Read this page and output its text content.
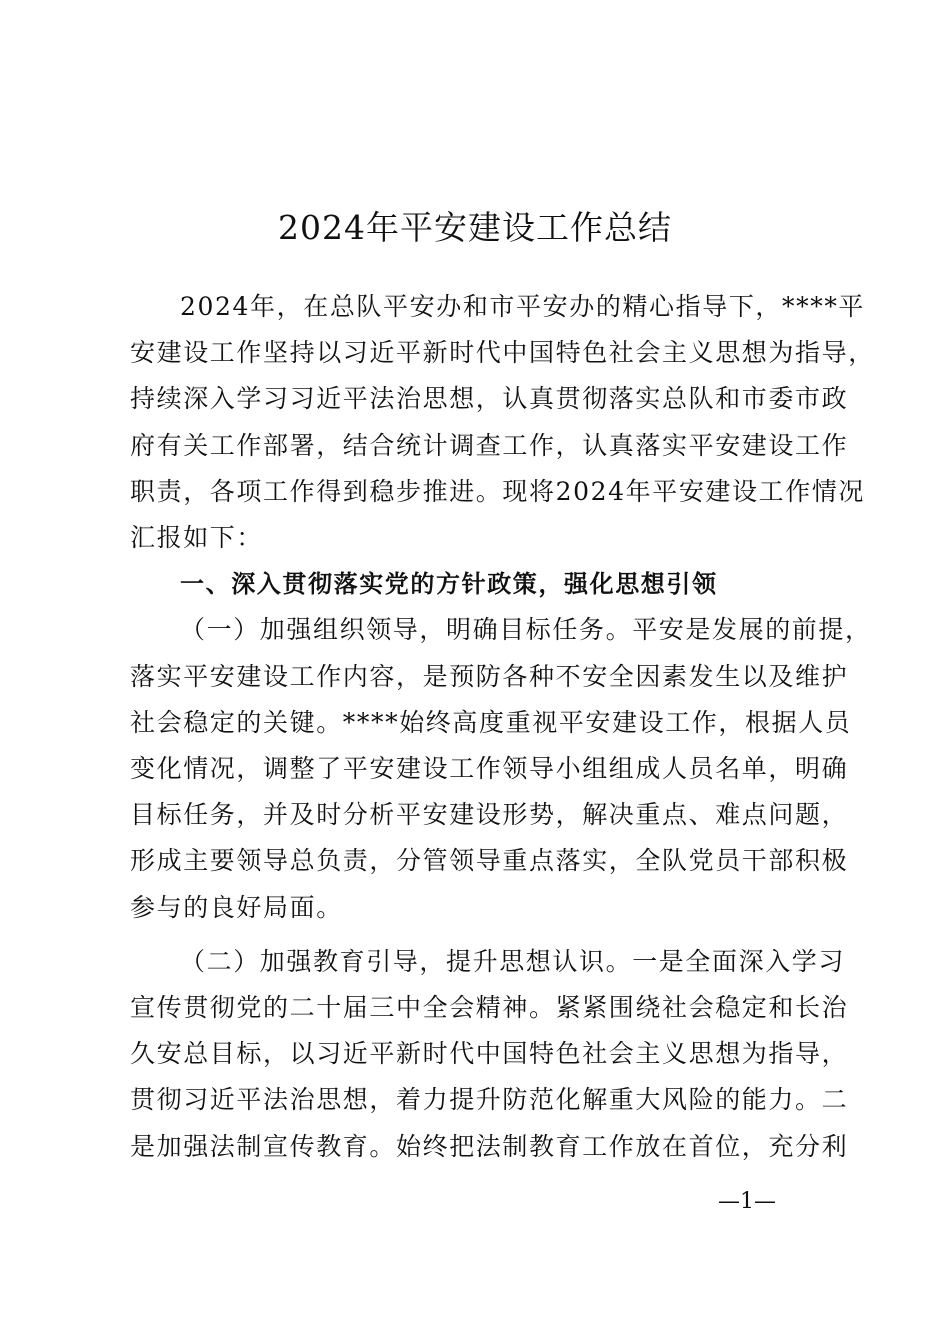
2024年平安建设工作总结
2024年，在总队平安办和市平安办的精心指导下，****平
安建设工作坚持以习近平新时代中国特色社会主义思想为指导，
持续深入学习习近平法治思想，认真贯彻落实总队和市委市政
府有关工作部署，结合统计调查工作，认真落实平安建设工作
职责，各项工作得到稳步推进。现将2024年平安建设工作情况
汇报如下：
一、深入贯彻落实党的方针政策，强化思想引领
（一）加强组织领导，明确目标任务。平安是发展的前提，
落实平安建设工作内容，是预防各种不安全因素发生以及维护
社会稳定的关键。****始终高度重视平安建设工作，根据人员
变化情况，调整了平安建设工作领导小组组成人员名单，明确
目标任务，并及时分析平安建设形势，解决重点、难点问题，
形成主要领导总负责，分管领导重点落实，全队党员干部积极
参与的良好局面。
（二）加强教育引导，提升思想认识。一是全面深入学习
宣传贯彻党的二十届三中全会精神。紧紧围绕社会稳定和长治
久安总目标，以习近平新时代中国特色社会主义思想为指导，
贯彻习近平法治思想，着力提升防范化解重大风险的能力。二
是加强法制宣传教育。始终把法制教育工作放在首位，充分利
—1—
